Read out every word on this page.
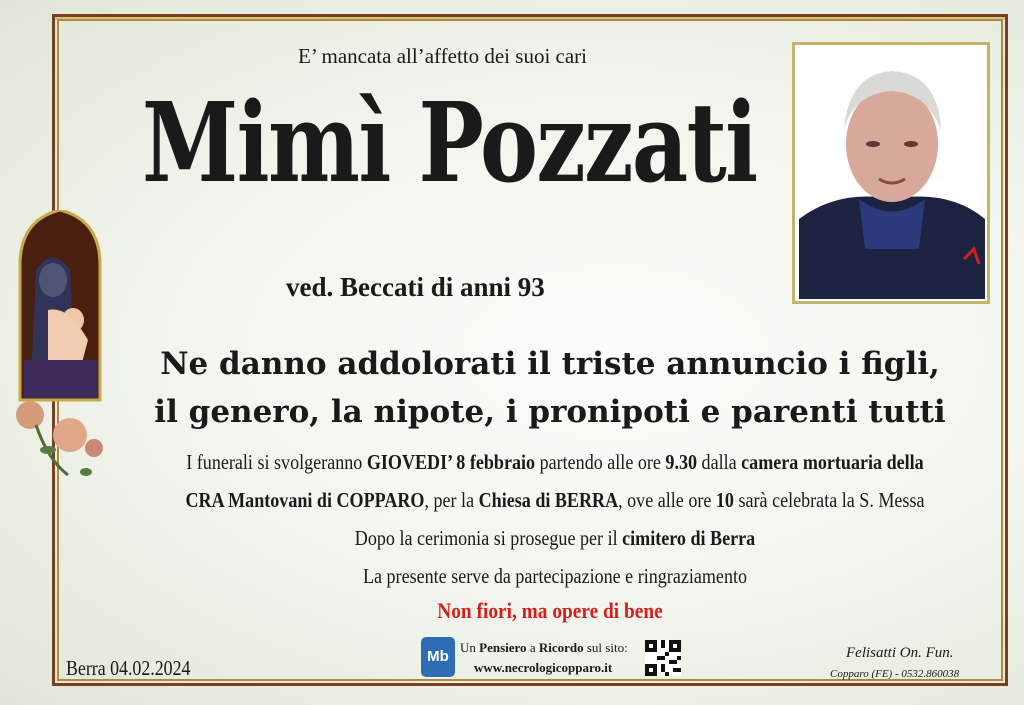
E’ mancata all’affetto dei suoi cari
Mimì Pozzati
ved. Beccati di anni 93
Ne danno addolorati il triste annuncio i figli,
il genero, la nipote, i pronipoti e parenti tutti
I funerali si svolgeranno GIOVEDI’ 8 febbraio partendo alle ore 9.30 dalla camera mortuaria della
CRA Mantovani di COPPARO, per la Chiesa di BERRA, ove alle ore 10 sarà celebrata la S. Messa
Dopo la cerimonia si prosegue per il cimitero di Berra
La presente serve da partecipazione e ringraziamento
Non fiori, ma opere di bene
Berra 04.02.2024	Mb
Un Pensiero a Ricordo sul sito:
www.necrologicopparo.it
Felisatti On. Fun.
Copparo (FE) - 0532.860038
